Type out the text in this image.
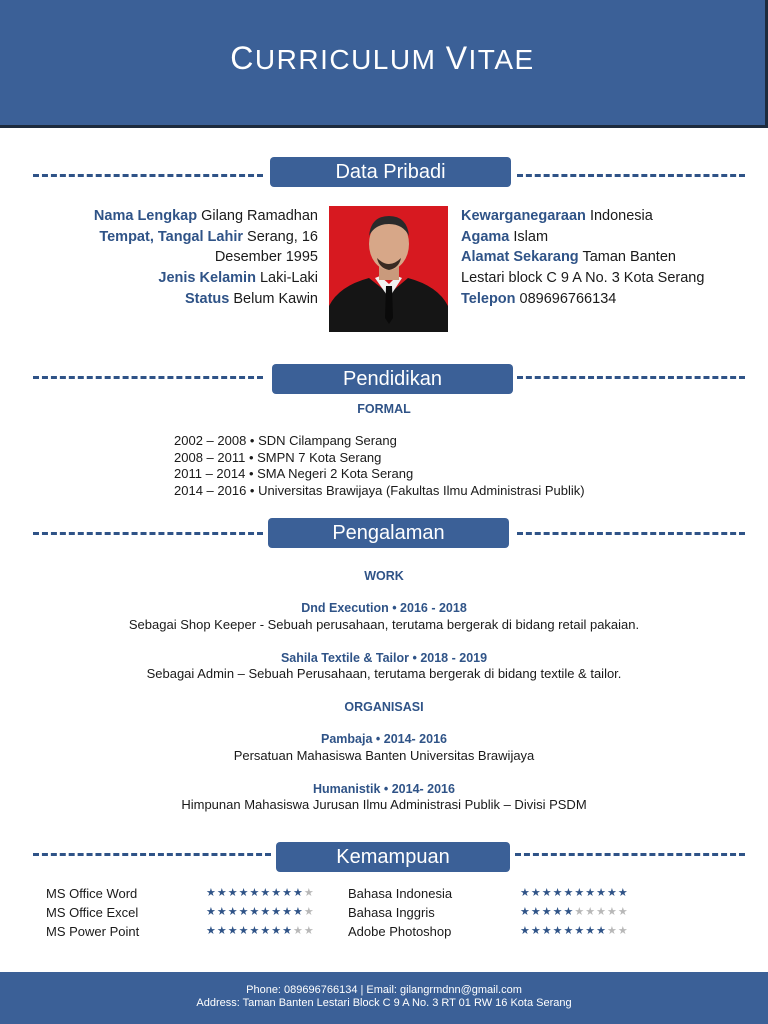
CURRICULUM VITAE
Data Pribadi
Nama Lengkap Gilang Ramadhan
Tempat, Tangal Lahir Serang, 16
Desember 1995
Jenis Kelamin Laki-Laki
Status Belum Kawin
Kewarganegaraan Indonesia
Agama Islam
Alamat Sekarang Taman Banten
Lestari block C 9 A No. 3 Kota Serang
Telepon 089696766134
Pendidikan
FORMAL
2002 – 2008 • SDN Cilampang Serang
2008 – 2011 • SMPN 7 Kota Serang
2011 – 2014 • SMA Negeri 2 Kota Serang
2014 – 2016 • Universitas Brawijaya (Fakultas Ilmu Administrasi Publik)
Pengalaman
WORK
Dnd Execution • 2016 - 2018
Sebagai Shop Keeper - Sebuah perusahaan, terutama bergerak di bidang retail pakaian.
Sahila Textile & Tailor • 2018 - 2019
Sebagai Admin – Sebuah Perusahaan, terutama bergerak di bidang textile & tailor.
ORGANISASI
Pambaja • 2014- 2016
Persatuan Mahasiswa Banten Universitas Brawijaya
Humanistik • 2014- 2016
Himpunan Mahasiswa Jurusan Ilmu Administrasi Publik – Divisi PSDM
Kemampuan
MS Office Word
MS Office Excel
MS Power Point
★★★★★★★★★★
★★★★★★★★★★
★★★★★★★★★★
Bahasa Indonesia
Bahasa Inggris
Adobe Photoshop
★★★★★★★★★★
★★★★★★★★★★
★★★★★★★★★★
Phone: 089696766134 | Email: gilangrmdnn@gmail.com
Address: Taman Banten Lestari Block C 9 A No. 3 RT 01 RW 16 Kota Serang
